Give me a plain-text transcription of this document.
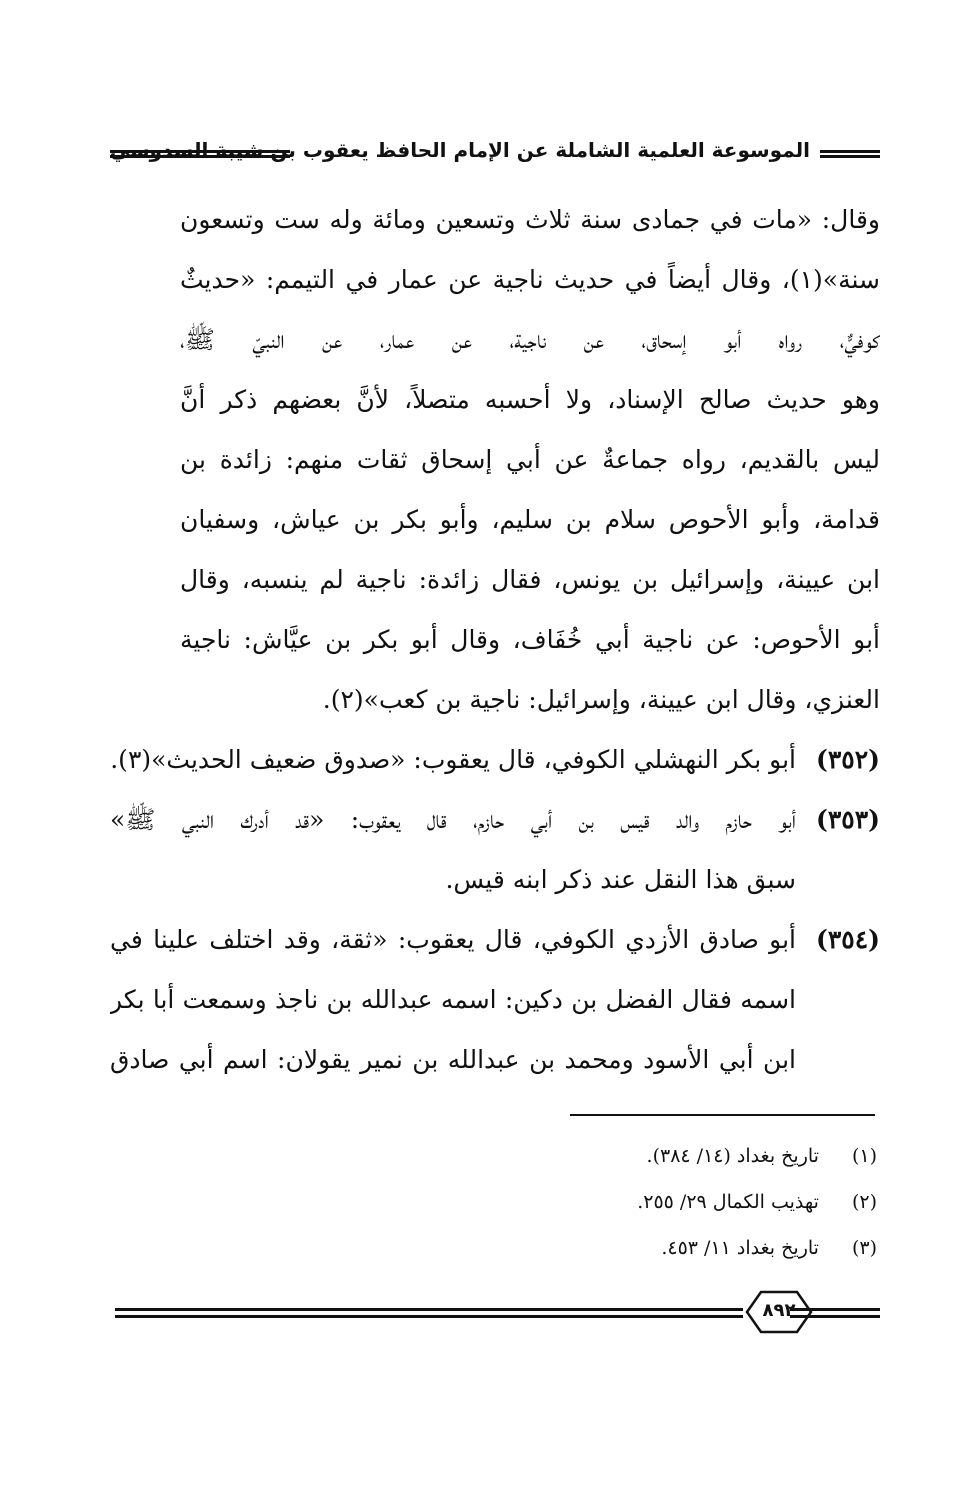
الموسوعة العلمية الشاملة عن الإمام الحافظ يعقوب بن شيبة السدوسي
وقال: «مات في جمادى سنة ثلاث وتسعين ومائة وله ست وتسعون
سنة»(١)، وقال أيضاً في حديث ناجية عن عمار في التيمم: «حديثٌ
كوفيٌّ، رواه أبو إسحاق، عن ناجية، عن عمار، عن النبيّ ﷺ،
وهو حديث صالح الإسناد، ولا أحسبه متصلاً، لأنَّ بعضهم ذكر أنَّ
ليس بالقديم، رواه جماعةٌ عن أبي إسحاق ثقات منهم: زائدة بن
قدامة، وأبو الأحوص سلام بن سليم، وأبو بكر بن عياش، وسفيان
ابن عيينة، وإسرائيل بن يونس، فقال زائدة: ناجية لم ينسبه، وقال
أبو الأحوص: عن ناجية أبي خُفَاف، وقال أبو بكر بن عيَّاش: ناجية
العنزي، وقال ابن عيينة، وإسرائيل: ناجية بن كعب»(٢).
(٣٥٢)
أبو بكر النهشلي الكوفي، قال يعقوب: «صدوق ضعيف الحديث»(٣).
(٣٥٣)
أبو حازم والد قيس بن أبي حازم، قال يعقوب: «قد أدرك النبي ﷺ»
سبق هذا النقل عند ذكر ابنه قيس.
(٣٥٤)
أبو صادق الأزدي الكوفي، قال يعقوب: «ثقة، وقد اختلف علينا في
اسمه فقال الفضل بن دكين: اسمه عبدالله بن ناجذ وسمعت أبا بكر
ابن أبي الأسود ومحمد بن عبدالله بن نمير يقولان: اسم أبي صادق
(١) تاريخ بغداد (١٤/ ٣٨٤).
(٢) تهذيب الكمال ٢٩/ ٢٥٥.
(٣) تاريخ بغداد ١١/ ٤٥٣.
٨٩٢
